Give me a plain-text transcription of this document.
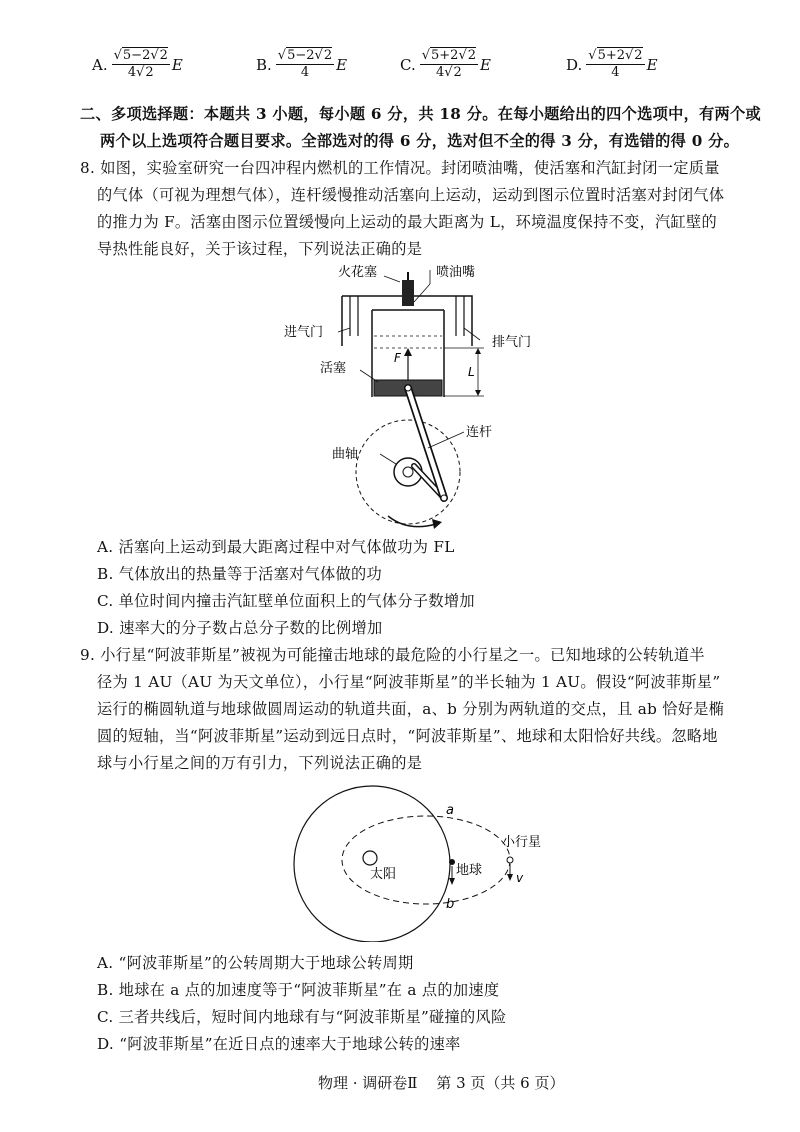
A. $\frac{√5-2√2}{4√2}$ E	B. $\frac{√5-2√2}{4}$ E	C. $\frac{√5+2√2}{4√2}$ E	D. $\frac{√5+2√2}{4}$ E
二、多项选择题：本题共 3 小题，每小题 6 分，共 18 分。在每小题给出的四个选项中，有两个或
两个以上选项符合题目要求。全部选对的得 6 分，选对但不全的得 3 分，有选错的得 0 分。
8. 如图，实验室研究一台四冲程内燃机的工作情况。封闭喷油嘴，使活塞和汽缸封闭一定质量
的气体（可视为理想气体），连杆缓慢推动活塞向上运动，运动到图示位置时活塞对封闭气体
的推力为 F。活塞由图示位置缓慢向上运动的最大距离为 L，环境温度保持不变，汽缸壁的
导热性能良好，关于该过程，下列说法正确的是
火花塞	喷油嘴
进气门
排气门
活塞
F
L
连杆
曲轴
A. 活塞向上运动到最大距离过程中对气体做功为 FL
B. 气体放出的热量等于活塞对气体做的功
C. 单位时间内撞击汽缸壁单位面积上的气体分子数增加
D. 速率大的分子数占总分子数的比例增加
9. 小行星“阿波菲斯星”被视为可能撞击地球的最危险的小行星之一。已知地球的公转轨道半
径为 1 AU（AU 为天文单位），小行星“阿波菲斯星”的半长轴为 1 AU。假设“阿波菲斯星”
运行的椭圆轨道与地球做圆周运动的轨道共面，a、b 分别为两轨道的交点，且 ab 恰好是椭
圆的短轴，当“阿波菲斯星”运动到远日点时，“阿波菲斯星”、地球和太阳恰好共线。忽略地
球与小行星之间的万有引力，下列说法正确的是
a
b
太阳	地球
小行星
v
A. “阿波菲斯星”的公转周期大于地球公转周期
B. 地球在 a 点的加速度等于“阿波菲斯星”在 a 点的加速度
C. 三者共线后，短时间内地球有与“阿波菲斯星”碰撞的风险
D. “阿波菲斯星”在近日点的速率大于地球公转的速率
物理 · 调研卷Ⅱ 第 3 页（共 6 页）
